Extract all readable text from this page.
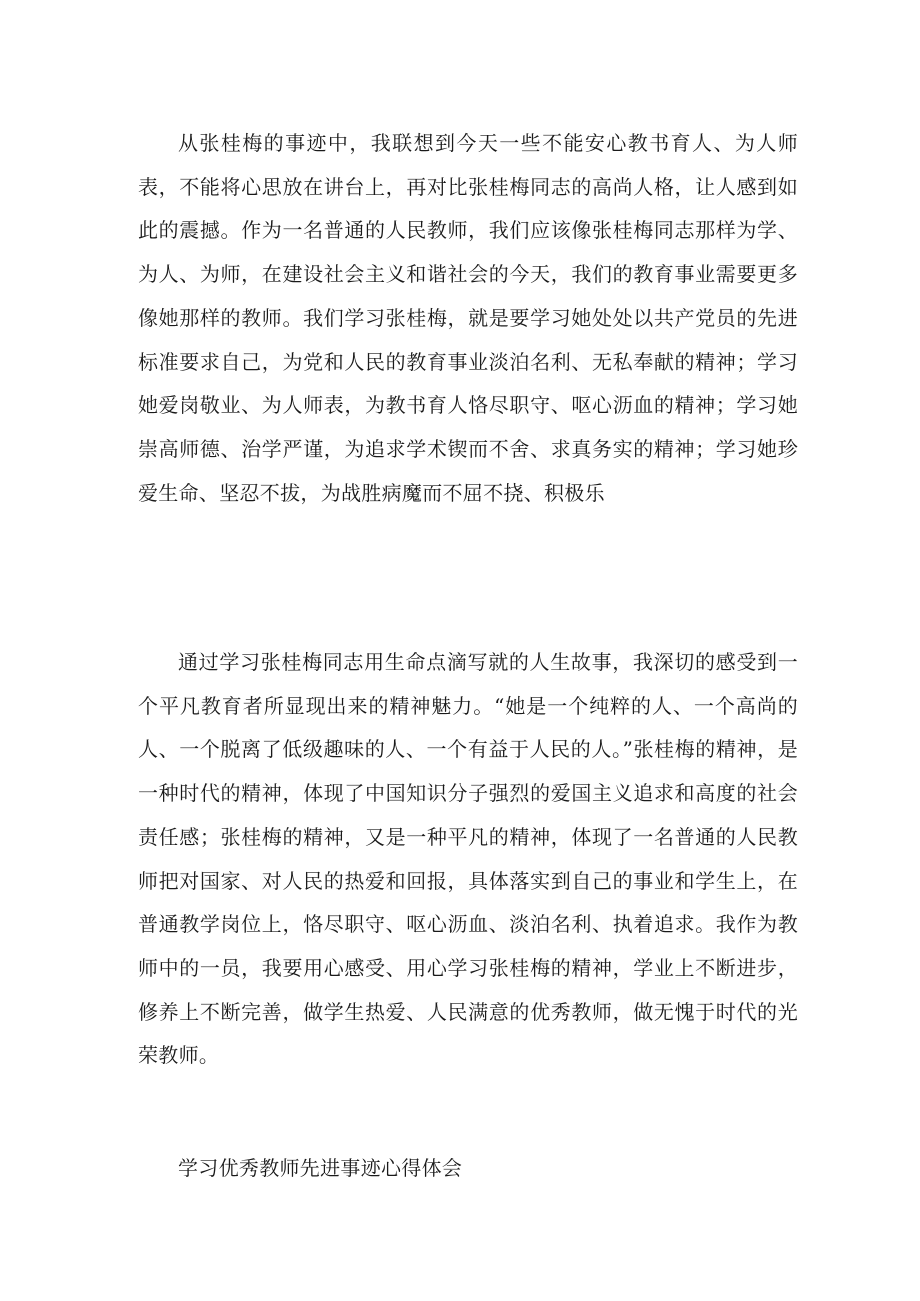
从张桂梅的事迹中，我联想到今天一些不能安心教书育人、为人师表，不能将心思放在讲台上，再对比张桂梅同志的高尚人格，让人感到如此的震撼。作为一名普通的人民教师，我们应该像张桂梅同志那样为学、为人、为师，在建设社会主义和谐社会的今天，我们的教育事业需要更多像她那样的教师。我们学习张桂梅，就是要学习她处处以共产党员的先进标准要求自己，为党和人民的教育事业淡泊名利、无私奉献的精神；学习她爱岗敬业、为人师表，为教书育人恪尽职守、呕心沥血的精神；学习她崇高师德、治学严谨，为追求学术锲而不舍、求真务实的精神；学习她珍爱生命、坚忍不拔，为战胜病魔而不屈不挠、积极乐

通过学习张桂梅同志用生命点滴写就的人生故事，我深切的感受到一个平凡教育者所显现出来的精神魅力。“她是一个纯粹的人、一个高尚的人、一个脱离了低级趣味的人、一个有益于人民的人。”张桂梅的精神，是一种时代的精神，体现了中国知识分子强烈的爱国主义追求和高度的社会责任感；张桂梅的精神，又是一种平凡的精神，体现了一名普通的人民教师把对国家、对人民的热爱和回报，具体落实到自己的事业和学生上，在普通教学岗位上，恪尽职守、呕心沥血、淡泊名利、执着追求。我作为教师中的一员，我要用心感受、用心学习张桂梅的精神，学业上不断进步，修养上不断完善，做学生热爱、人民满意的优秀教师，做无愧于时代的光荣教师。

学习优秀教师先进事迹心得体会
